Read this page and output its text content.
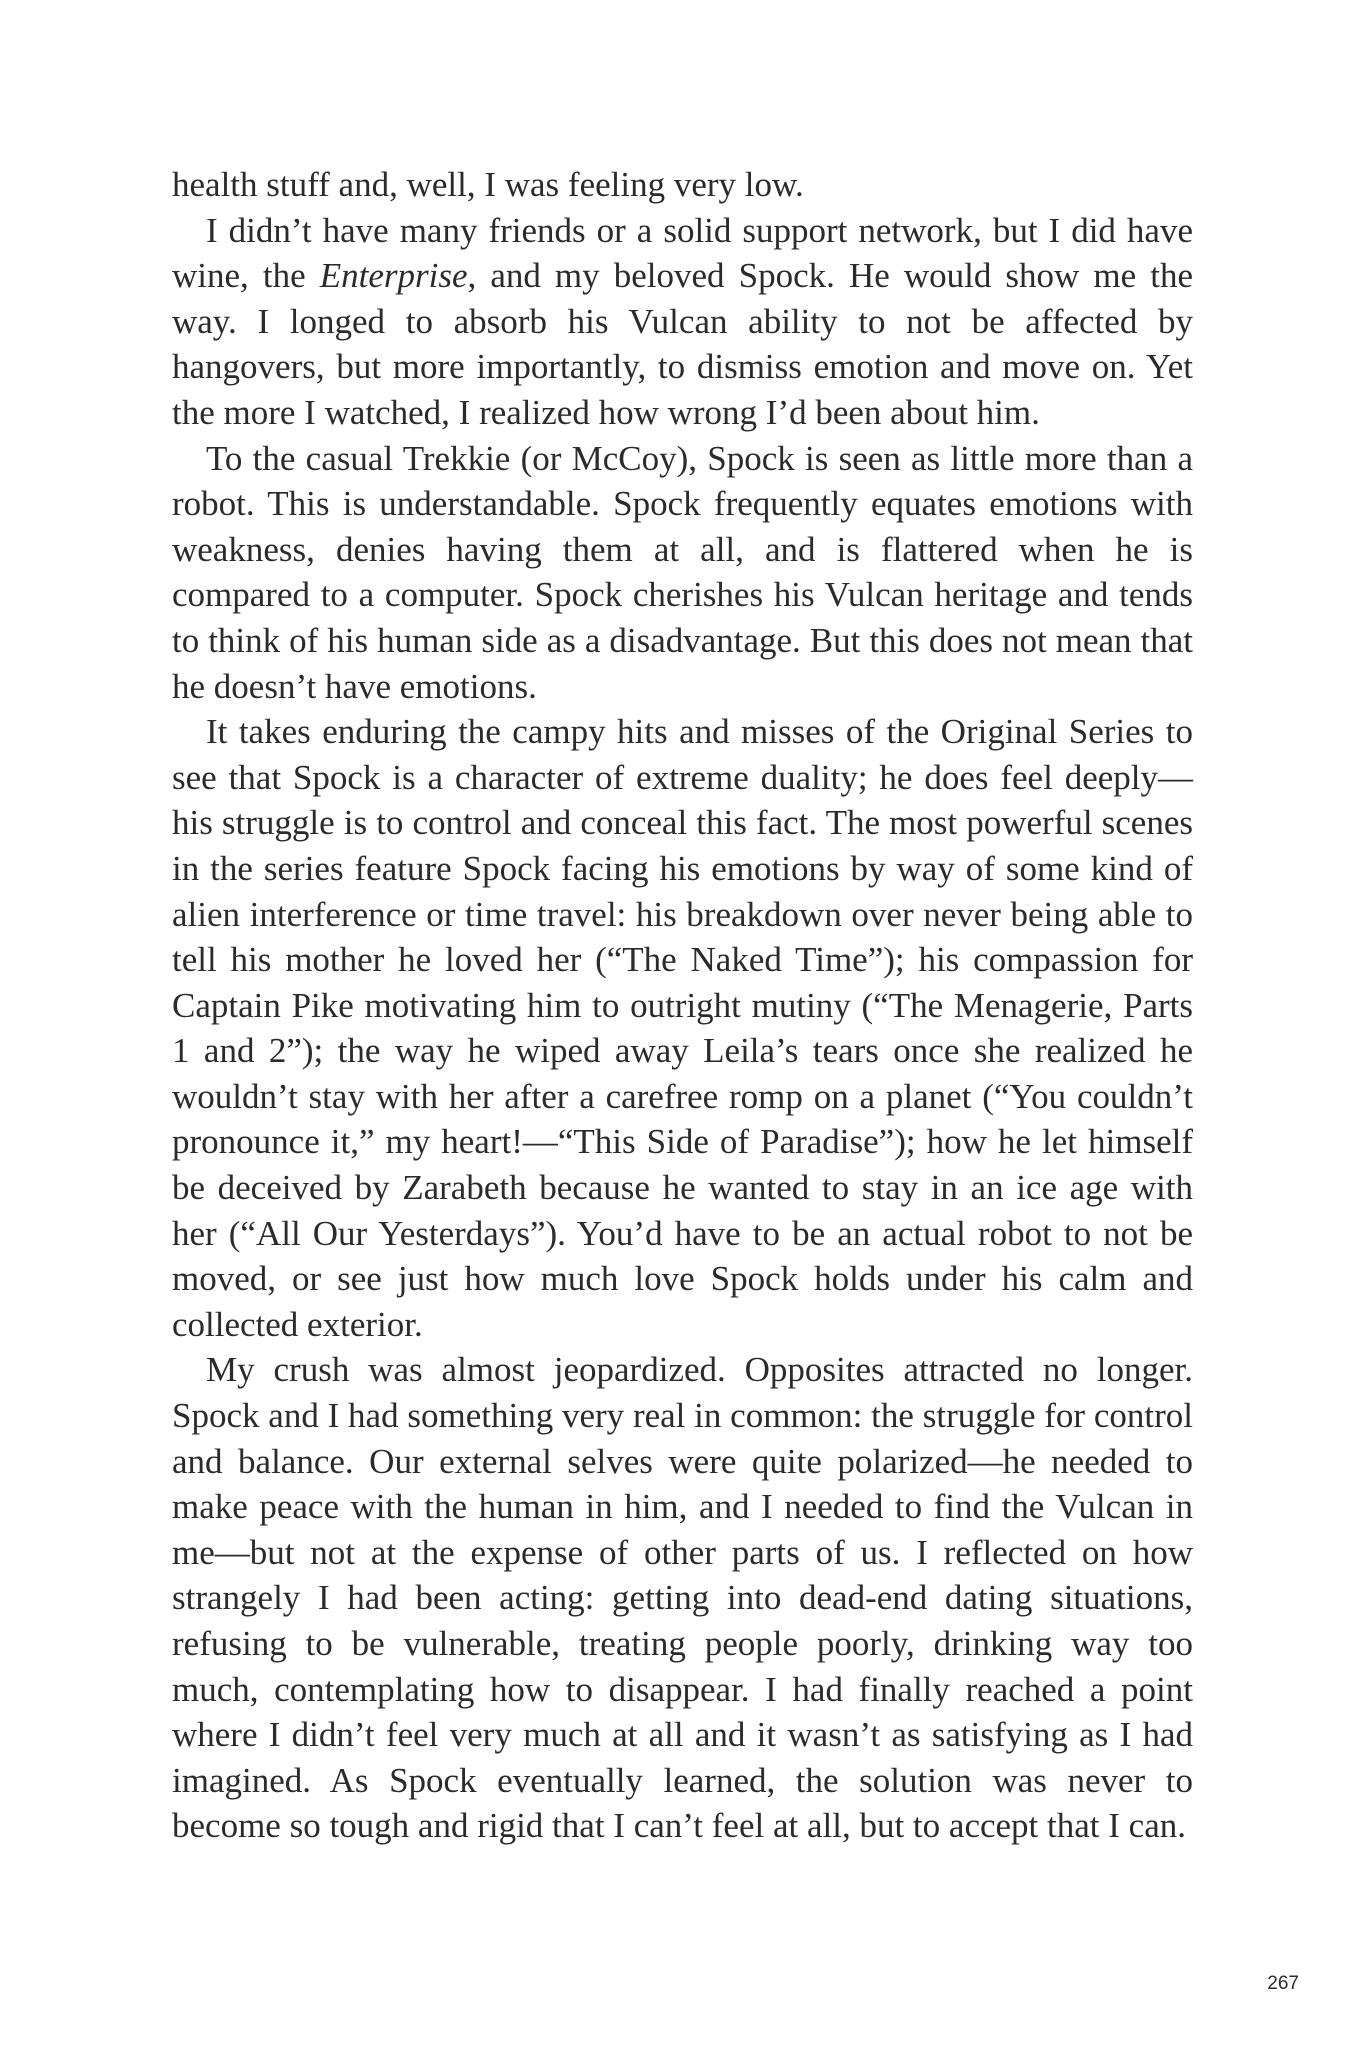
health stuff and, well, I was feeling very low.

I didn’t have many friends or a solid support network, but I did have wine, the Enterprise, and my beloved Spock. He would show me the way. I longed to absorb his Vulcan ability to not be affected by hangovers, but more importantly, to dismiss emotion and move on. Yet the more I watched, I realized how wrong I’d been about him.

To the casual Trekkie (or McCoy), Spock is seen as little more than a robot. This is understandable. Spock frequently equates emotions with weakness, denies having them at all, and is flattered when he is compared to a computer. Spock cherishes his Vulcan heritage and tends to think of his human side as a disadvantage. But this does not mean that he doesn’t have emotions.

It takes enduring the campy hits and misses of the Original Series to see that Spock is a character of extreme duality; he does feel deeply—his struggle is to control and conceal this fact. The most powerful scenes in the series feature Spock facing his emotions by way of some kind of alien interference or time travel: his breakdown over never being able to tell his mother he loved her (“The Naked Time”); his compassion for Captain Pike motivating him to outright mutiny (“The Menagerie, Parts 1 and 2”); the way he wiped away Leila’s tears once she realized he wouldn’t stay with her after a carefree romp on a planet (“You couldn’t pronounce it,” my heart!—“This Side of Paradise”); how he let himself be deceived by Zarabeth because he wanted to stay in an ice age with her (“All Our Yesterdays”). You’d have to be an actual robot to not be moved, or see just how much love Spock holds under his calm and collected exterior.

My crush was almost jeopardized. Opposites attracted no longer. Spock and I had something very real in common: the struggle for control and balance. Our external selves were quite polarized—he needed to make peace with the human in him, and I needed to find the Vulcan in me—but not at the expense of other parts of us. I reflected on how strangely I had been acting: getting into dead-end dating situations, refusing to be vulnerable, treating people poorly, drinking way too much, contemplating how to disappear. I had finally reached a point where I didn’t feel very much at all and it wasn’t as satisfying as I had imagined. As Spock eventually learned, the solution was never to become so tough and rigid that I can’t feel at all, but to accept that I can.

267
